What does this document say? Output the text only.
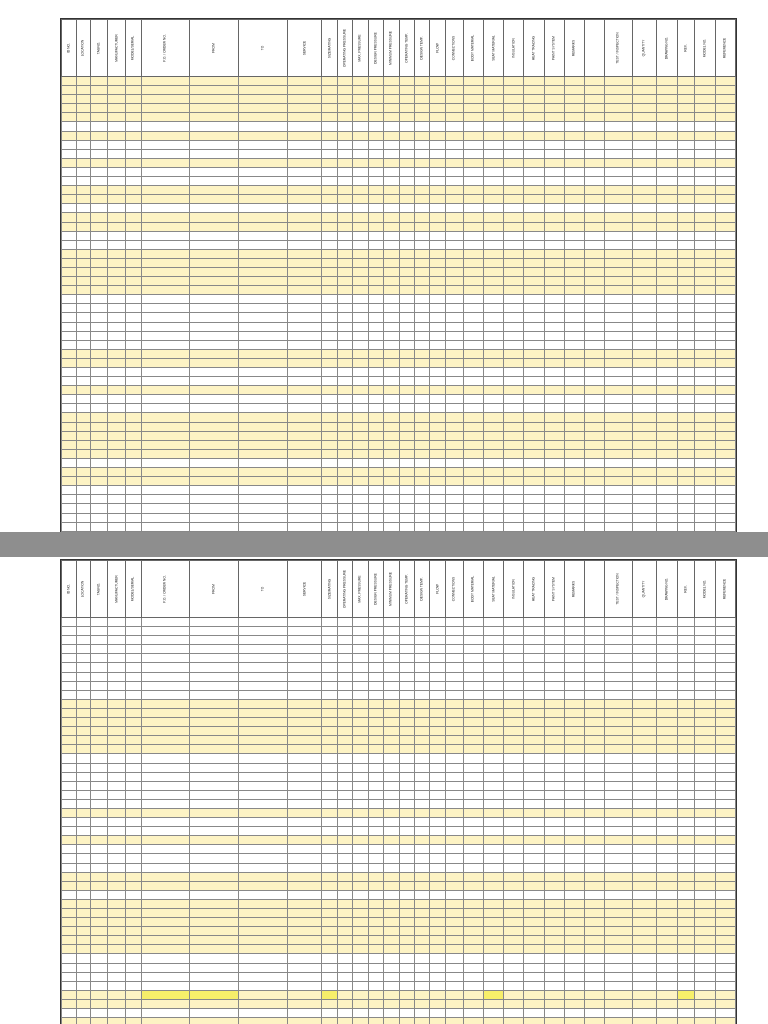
ID NO.	LOCATION	TAGNO.	MANUFACTURER	MODEL/SERIAL	P.O. / ORDER NO.	FROM	TO	SERVICE	SIZE/RATING	OPERATING PRESSURE	MAX. PRESSURE	DESIGN PRESSURE	MINIMUM PRESSURE	OPERATING TEMP.	DESIGN TEMP.	FLOW	CONNECTIONS	BODY MATERIAL	SEAT MATERIAL	INSULATION	HEAT TRACING	PAINT SYSTEM	REMARKS		TEST / INSPECTION	QUANTITY	DRAWING NO.	REV.	MODEL NO.	REFERENCE

ID NO.	LOCATION	TAGNO.	MANUFACTURER	MODEL/SERIAL	P.O. / ORDER NO.	FROM	TO	SERVICE	SIZE/RATING	OPERATING PRESSURE	MAX. PRESSURE	DESIGN PRESSURE	MINIMUM PRESSURE	OPERATING TEMP.	DESIGN TEMP.	FLOW	CONNECTIONS	BODY MATERIAL	SEAT MATERIAL	INSULATION	HEAT TRACING	PAINT SYSTEM	REMARKS		TEST / INSPECTION	QUANTITY	DRAWING NO.	REV.	MODEL NO.	REFERENCE
